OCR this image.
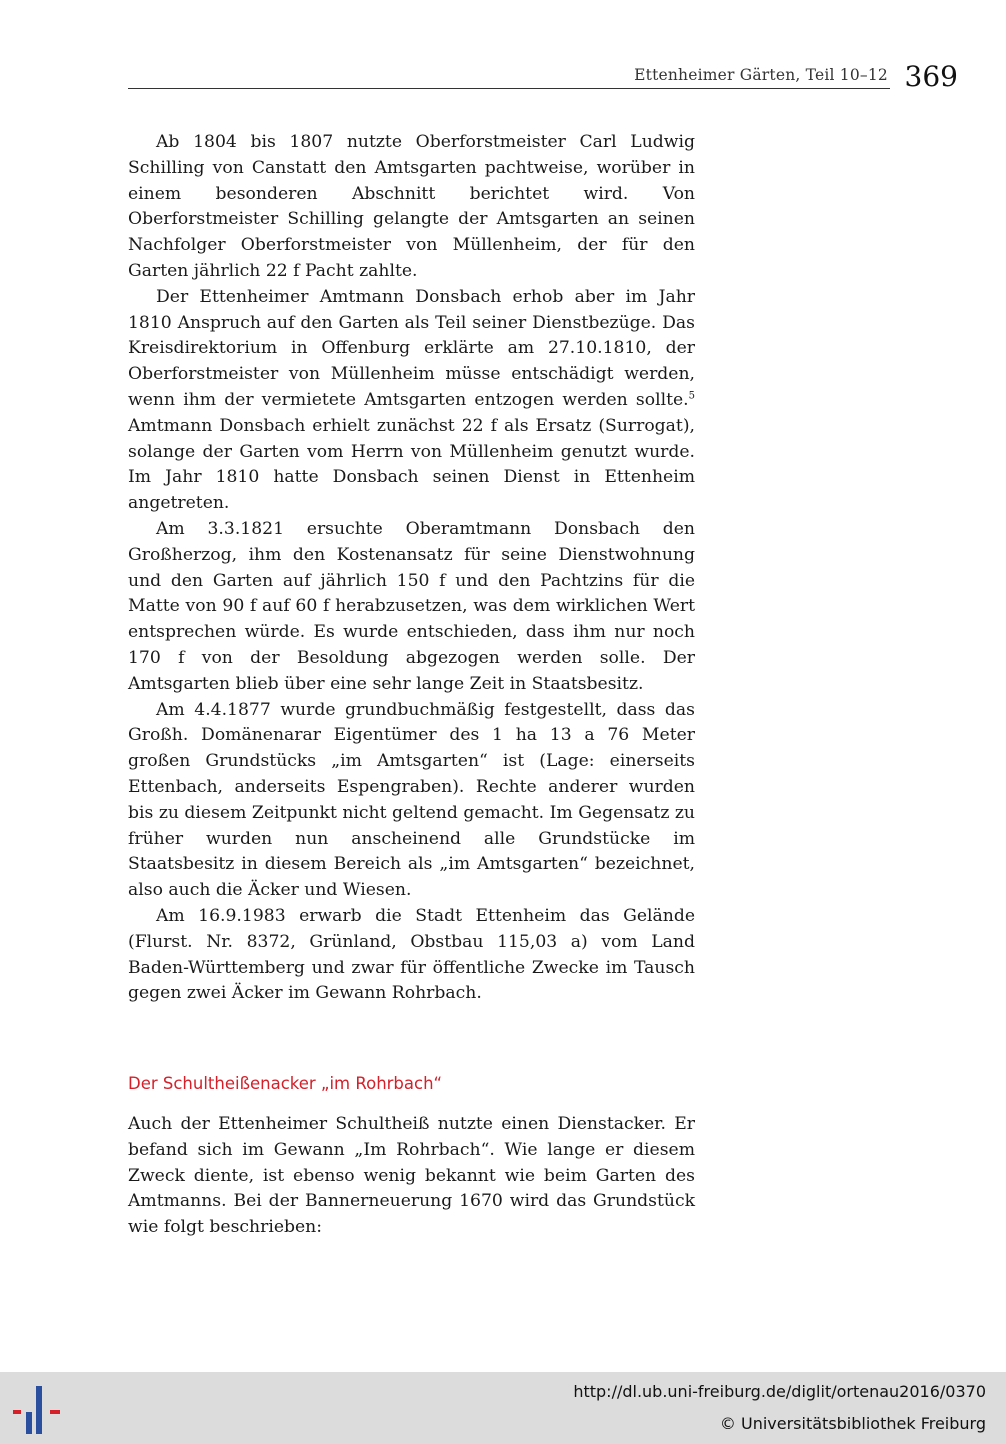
Ettenheimer Gärten, Teil 10–12 369

Ab 1804 bis 1807 nutzte Oberforstmeister Carl Ludwig Schilling von Canstatt den Amtsgarten pachtweise, worüber in einem besonderen Abschnitt berichtet wird. Von Oberforstmeister Schilling gelangte der Amtsgarten an seinen Nachfolger Oberforstmeister von Müllenheim, der für den Garten jährlich 22 f Pacht zahlte.

Der Ettenheimer Amtmann Donsbach erhob aber im Jahr 1810 Anspruch auf den Garten als Teil seiner Dienstbezüge. Das Kreisdirektorium in Offenburg erklärte am 27.10.1810, der Oberforstmeister von Müllenheim müsse entschädigt werden, wenn ihm der vermietete Amtsgarten entzogen werden sollte.$^5$ Amtmann Donsbach erhielt zunächst 22 f als Ersatz (Surrogat), solange der Garten vom Herrn von Müllenheim genutzt wurde. Im Jahr 1810 hatte Donsbach seinen Dienst in Ettenheim angetreten.

Am 3.3.1821 ersuchte Oberamtmann Donsbach den Großherzog, ihm den Kostenansatz für seine Dienstwohnung und den Garten auf jährlich 150 f und den Pachtzins für die Matte von 90 f auf 60 f herabzusetzen, was dem wirklichen Wert entsprechen würde. Es wurde entschieden, dass ihm nur noch 170 f von der Besoldung abgezogen werden solle. Der Amtsgarten blieb über eine sehr lange Zeit in Staatsbesitz.

Am 4.4.1877 wurde grundbuchmäßig festgestellt, dass das Großh. Domänenarar Eigentümer des 1 ha 13 a 76 Meter großen Grundstücks „im Amtsgarten“ ist (Lage: einerseits Ettenbach, anderseits Espengraben). Rechte anderer wurden bis zu diesem Zeitpunkt nicht geltend gemacht. Im Gegensatz zu früher wurden nun anscheinend alle Grundstücke im Staatsbesitz in diesem Bereich als „im Amtsgarten“ bezeichnet, also auch die Äcker und Wiesen.

Am 16.9.1983 erwarb die Stadt Ettenheim das Gelände (Flurst. Nr. 8372, Grünland, Obstbau 115,03 a) vom Land Baden-Württemberg und zwar für öffentliche Zwecke im Tausch gegen zwei Äcker im Gewann Rohrbach.

Der Schultheißenacker „im Rohrbach“

Auch der Ettenheimer Schultheiß nutzte einen Dienstacker. Er befand sich im Gewann „Im Rohrbach“. Wie lange er diesem Zweck diente, ist ebenso wenig bekannt wie beim Garten des Amtmanns. Bei der Bannerneuerung 1670 wird das Grundstück wie folgt beschrieben:

http://dl.ub.uni-freiburg.de/diglit/ortenau2016/0370
© Universitätsbibliothek Freiburg
